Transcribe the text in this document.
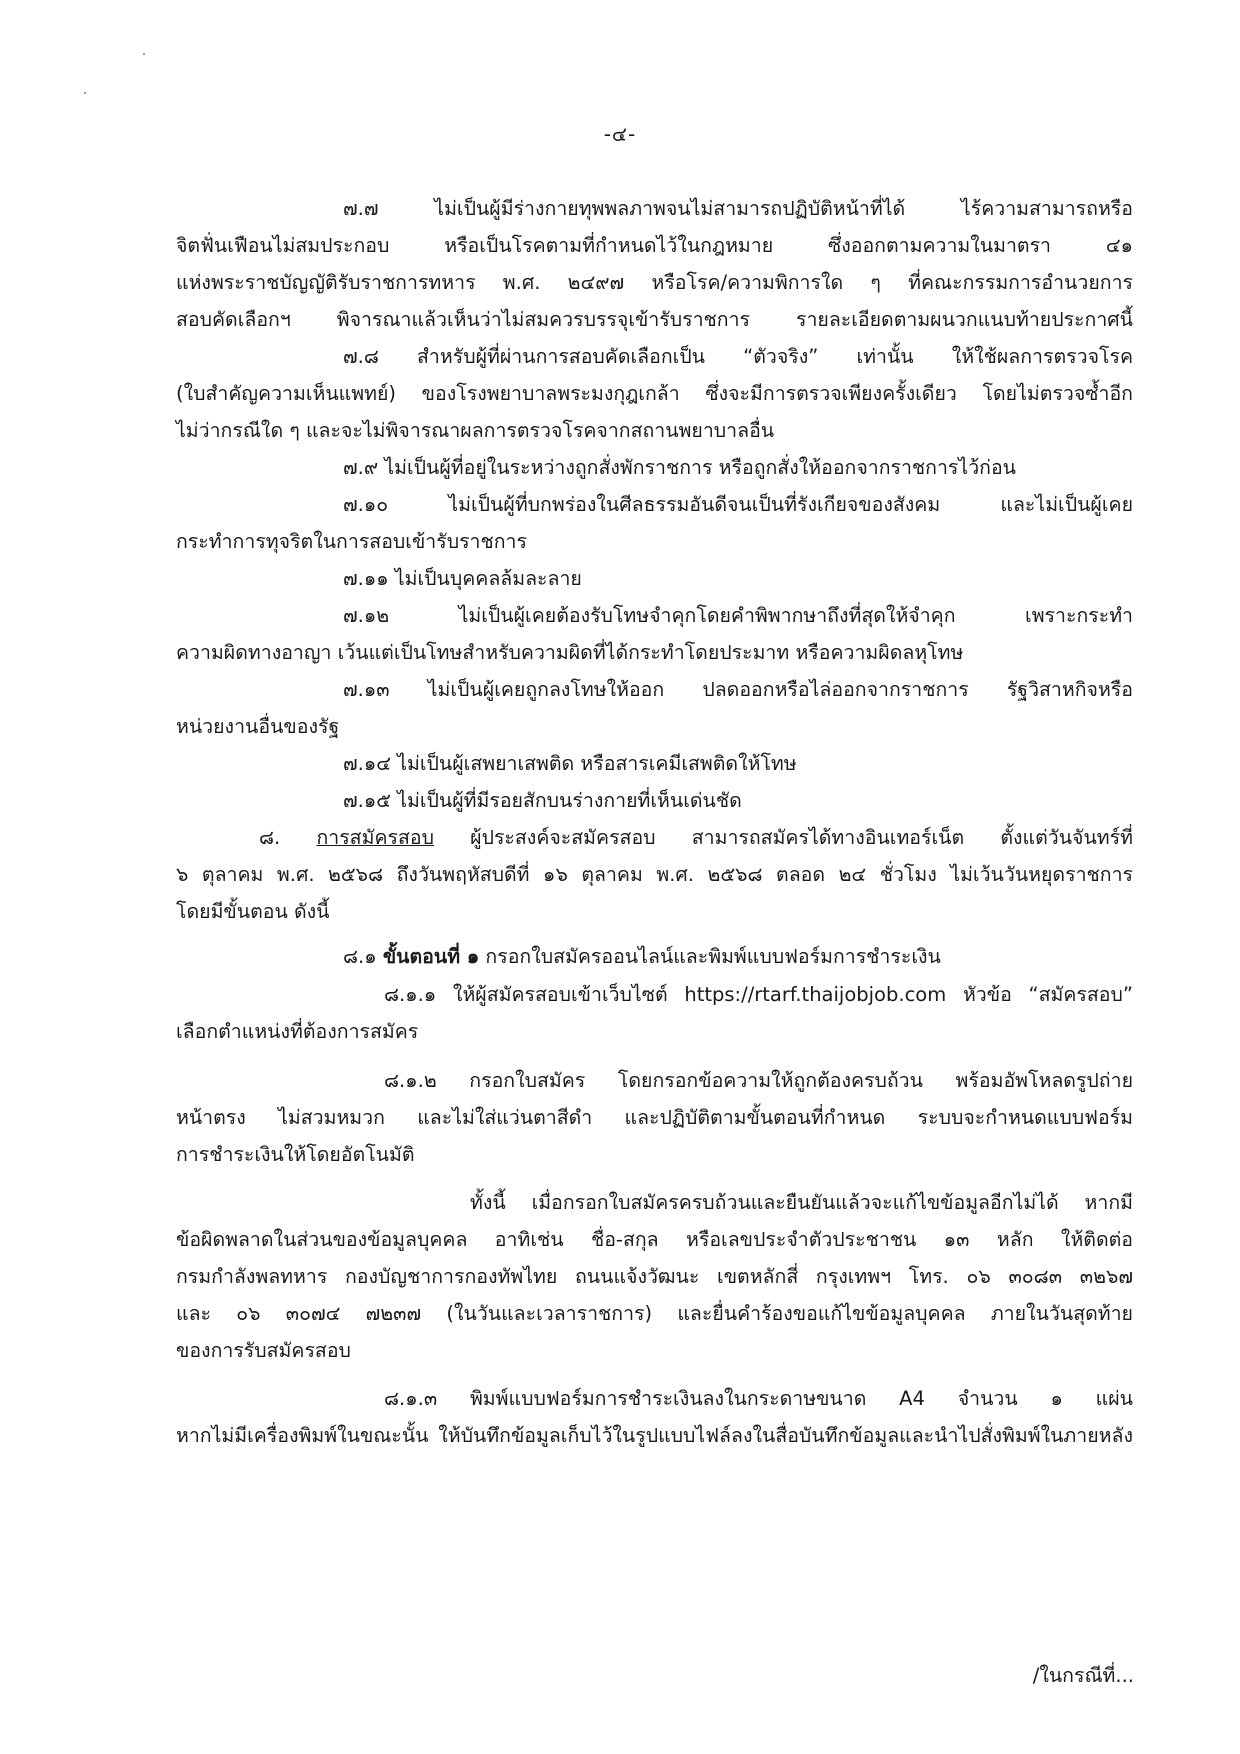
-๔-
๗.๗ ไม่เป็นผู้มีร่างกายทุพพลภาพจนไม่สามารถปฏิบัติหน้าที่ได้ ไร้ความสามารถหรือ
จิตฟั่นเฟือนไม่สมประกอบ หรือเป็นโรคตามที่กำหนดไว้ในกฎหมาย ซึ่งออกตามความในมาตรา ๔๑
แห่งพระราชบัญญัติรับราชการทหาร พ.ศ. ๒๔๙๗ หรือโรค/ความพิการใด ๆ ที่คณะกรรมการอำนวยการ
สอบคัดเลือกฯ พิจารณาแล้วเห็นว่าไม่สมควรบรรจุเข้ารับราชการ รายละเอียดตามผนวกแนบท้ายประกาศนี้
๗.๘ สำหรับผู้ที่ผ่านการสอบคัดเลือกเป็น “ตัวจริง” เท่านั้น ให้ใช้ผลการตรวจโรค
(ใบสำคัญความเห็นแพทย์) ของโรงพยาบาลพระมงกุฎเกล้า ซึ่งจะมีการตรวจเพียงครั้งเดียว โดยไม่ตรวจซ้ำอีก
ไม่ว่ากรณีใด ๆ และจะไม่พิจารณาผลการตรวจโรคจากสถานพยาบาลอื่น
๗.๙ ไม่เป็นผู้ที่อยู่ในระหว่างถูกสั่งพักราชการ หรือถูกสั่งให้ออกจากราชการไว้ก่อน
๗.๑๐ ไม่เป็นผู้ที่บกพร่องในศีลธรรมอันดีจนเป็นที่รังเกียจของสังคม และไม่เป็นผู้เคย
กระทำการทุจริตในการสอบเข้ารับราชการ
๗.๑๑ ไม่เป็นบุคคลล้มละลาย
๗.๑๒ ไม่เป็นผู้เคยต้องรับโทษจำคุกโดยคำพิพากษาถึงที่สุดให้จำคุก เพราะกระทำ
ความผิดทางอาญา เว้นแต่เป็นโทษสำหรับความผิดที่ได้กระทำโดยประมาท หรือความผิดลหุโทษ
๗.๑๓ ไม่เป็นผู้เคยถูกลงโทษให้ออก ปลดออกหรือไล่ออกจากราชการ รัฐวิสาหกิจหรือ
หน่วยงานอื่นของรัฐ
๗.๑๔ ไม่เป็นผู้เสพยาเสพติด หรือสารเคมีเสพติดให้โทษ
๗.๑๕ ไม่เป็นผู้ที่มีรอยสักบนร่างกายที่เห็นเด่นชัด
๘. การสมัครสอบ ผู้ประสงค์จะสมัครสอบ สามารถสมัครได้ทางอินเทอร์เน็ต ตั้งแต่วันจันทร์ที่
๖ ตุลาคม พ.ศ. ๒๕๖๘ ถึงวันพฤหัสบดีที่ ๑๖ ตุลาคม พ.ศ. ๒๕๖๘ ตลอด ๒๔ ชั่วโมง ไม่เว้นวันหยุดราชการ
โดยมีขั้นตอน ดังนี้
๘.๑ ขั้นตอนที่ ๑ กรอกใบสมัครออนไลน์และพิมพ์แบบฟอร์มการชำระเงิน
๘.๑.๑ ให้ผู้สมัครสอบเข้าเว็บไซต์ https://rtarf.thaijobjob.com หัวข้อ “สมัครสอบ”
เลือกตำแหน่งที่ต้องการสมัคร
๘.๑.๒ กรอกใบสมัคร โดยกรอกข้อความให้ถูกต้องครบถ้วน พร้อมอัพโหลดรูปถ่าย
หน้าตรง ไม่สวมหมวก และไม่ใส่แว่นตาสีดำ และปฏิบัติตามขั้นตอนที่กำหนด ระบบจะกำหนดแบบฟอร์ม
การชำระเงินให้โดยอัตโนมัติ
ทั้งนี้ เมื่อกรอกใบสมัครครบถ้วนและยืนยันแล้วจะแก้ไขข้อมูลอีกไม่ได้ หากมี
ข้อผิดพลาดในส่วนของข้อมูลบุคคล อาทิเช่น ชื่อ-สกุล หรือเลขประจำตัวประชาชน ๑๓ หลัก ให้ติดต่อ
กรมกำลังพลทหาร กองบัญชาการกองทัพไทย ถนนแจ้งวัฒนะ เขตหลักสี่ กรุงเทพฯ โทร. ๐๖ ๓๐๘๓ ๓๒๖๗
และ ๐๖ ๓๐๗๔ ๗๒๓๗ (ในวันและเวลาราชการ) และยื่นคำร้องขอแก้ไขข้อมูลบุคคล ภายในวันสุดท้าย
ของการรับสมัครสอบ
๘.๑.๓ พิมพ์แบบฟอร์มการชำระเงินลงในกระดาษขนาด A4 จำนวน ๑ แผ่น
หากไม่มีเครื่องพิมพ์ในขณะนั้น ให้บันทึกข้อมูลเก็บไว้ในรูปแบบไฟล์ลงในสื่อบันทึกข้อมูลและนำไปสั่งพิมพ์ในภายหลัง
/ในกรณีที่...
